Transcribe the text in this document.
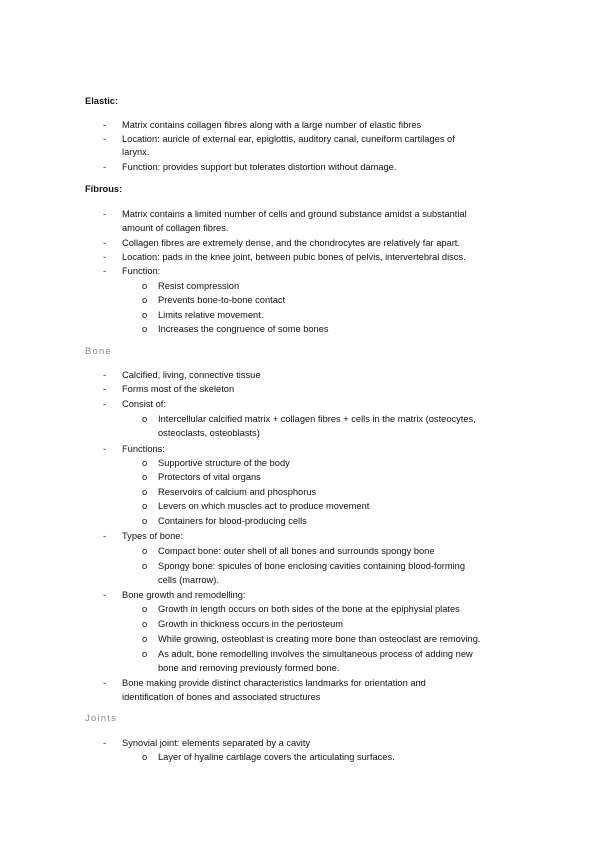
Elastic:
- Matrix contains collagen fibres along with a large number of elastic fibres
- Location: auricle of external ear, epiglottis, auditory canal, cuneiform cartilages of
larynx.
- Function: provides support but tolerates distortion without damage.
Fibrous:
- Matrix contains a limited number of cells and ground substance amidst a substantial
amount of collagen fibres.
- Collagen fibres are extremely dense, and the chondrocytes are relatively far apart.
- Location: pads in the knee joint, between pubic bones of pelvis, intervertebral discs.
- Function:
o Resist compression
o Prevents bone-to-bone contact
o Limits relative movement.
o Increases the congruence of some bones
Bone
- Calcified, living, connective tissue
- Forms most of the skeleton
- Consist of:
o Intercellular calcified matrix + collagen fibres + cells in the matrix (osteocytes,
osteoclasts, osteoblasts)
- Functions:
o Supportive structure of the body
o Protectors of vital organs
o Reservoirs of calcium and phosphorus
o Levers on which muscles act to produce movement
o Containers for blood-producing cells
- Types of bone:
o Compact bone: outer shell of all bones and surrounds spongy bone
o Spongy bone: spicules of bone enclosing cavities containing blood-forming
cells (marrow).
- Bone growth and remodelling:
o Growth in length occurs on both sides of the bone at the epiphysial plates
o Growth in thickness occurs in the periosteum
o While growing, osteoblast is creating more bone than osteoclast are removing.
o As adult, bone remodelling involves the simultaneous process of adding new
bone and removing previously formed bone.
- Bone making provide distinct characteristics landmarks for orientation and
identification of bones and associated structures
Joints
- Synovial joint: elements separated by a cavity
o Layer of hyaline cartilage covers the articulating surfaces.
